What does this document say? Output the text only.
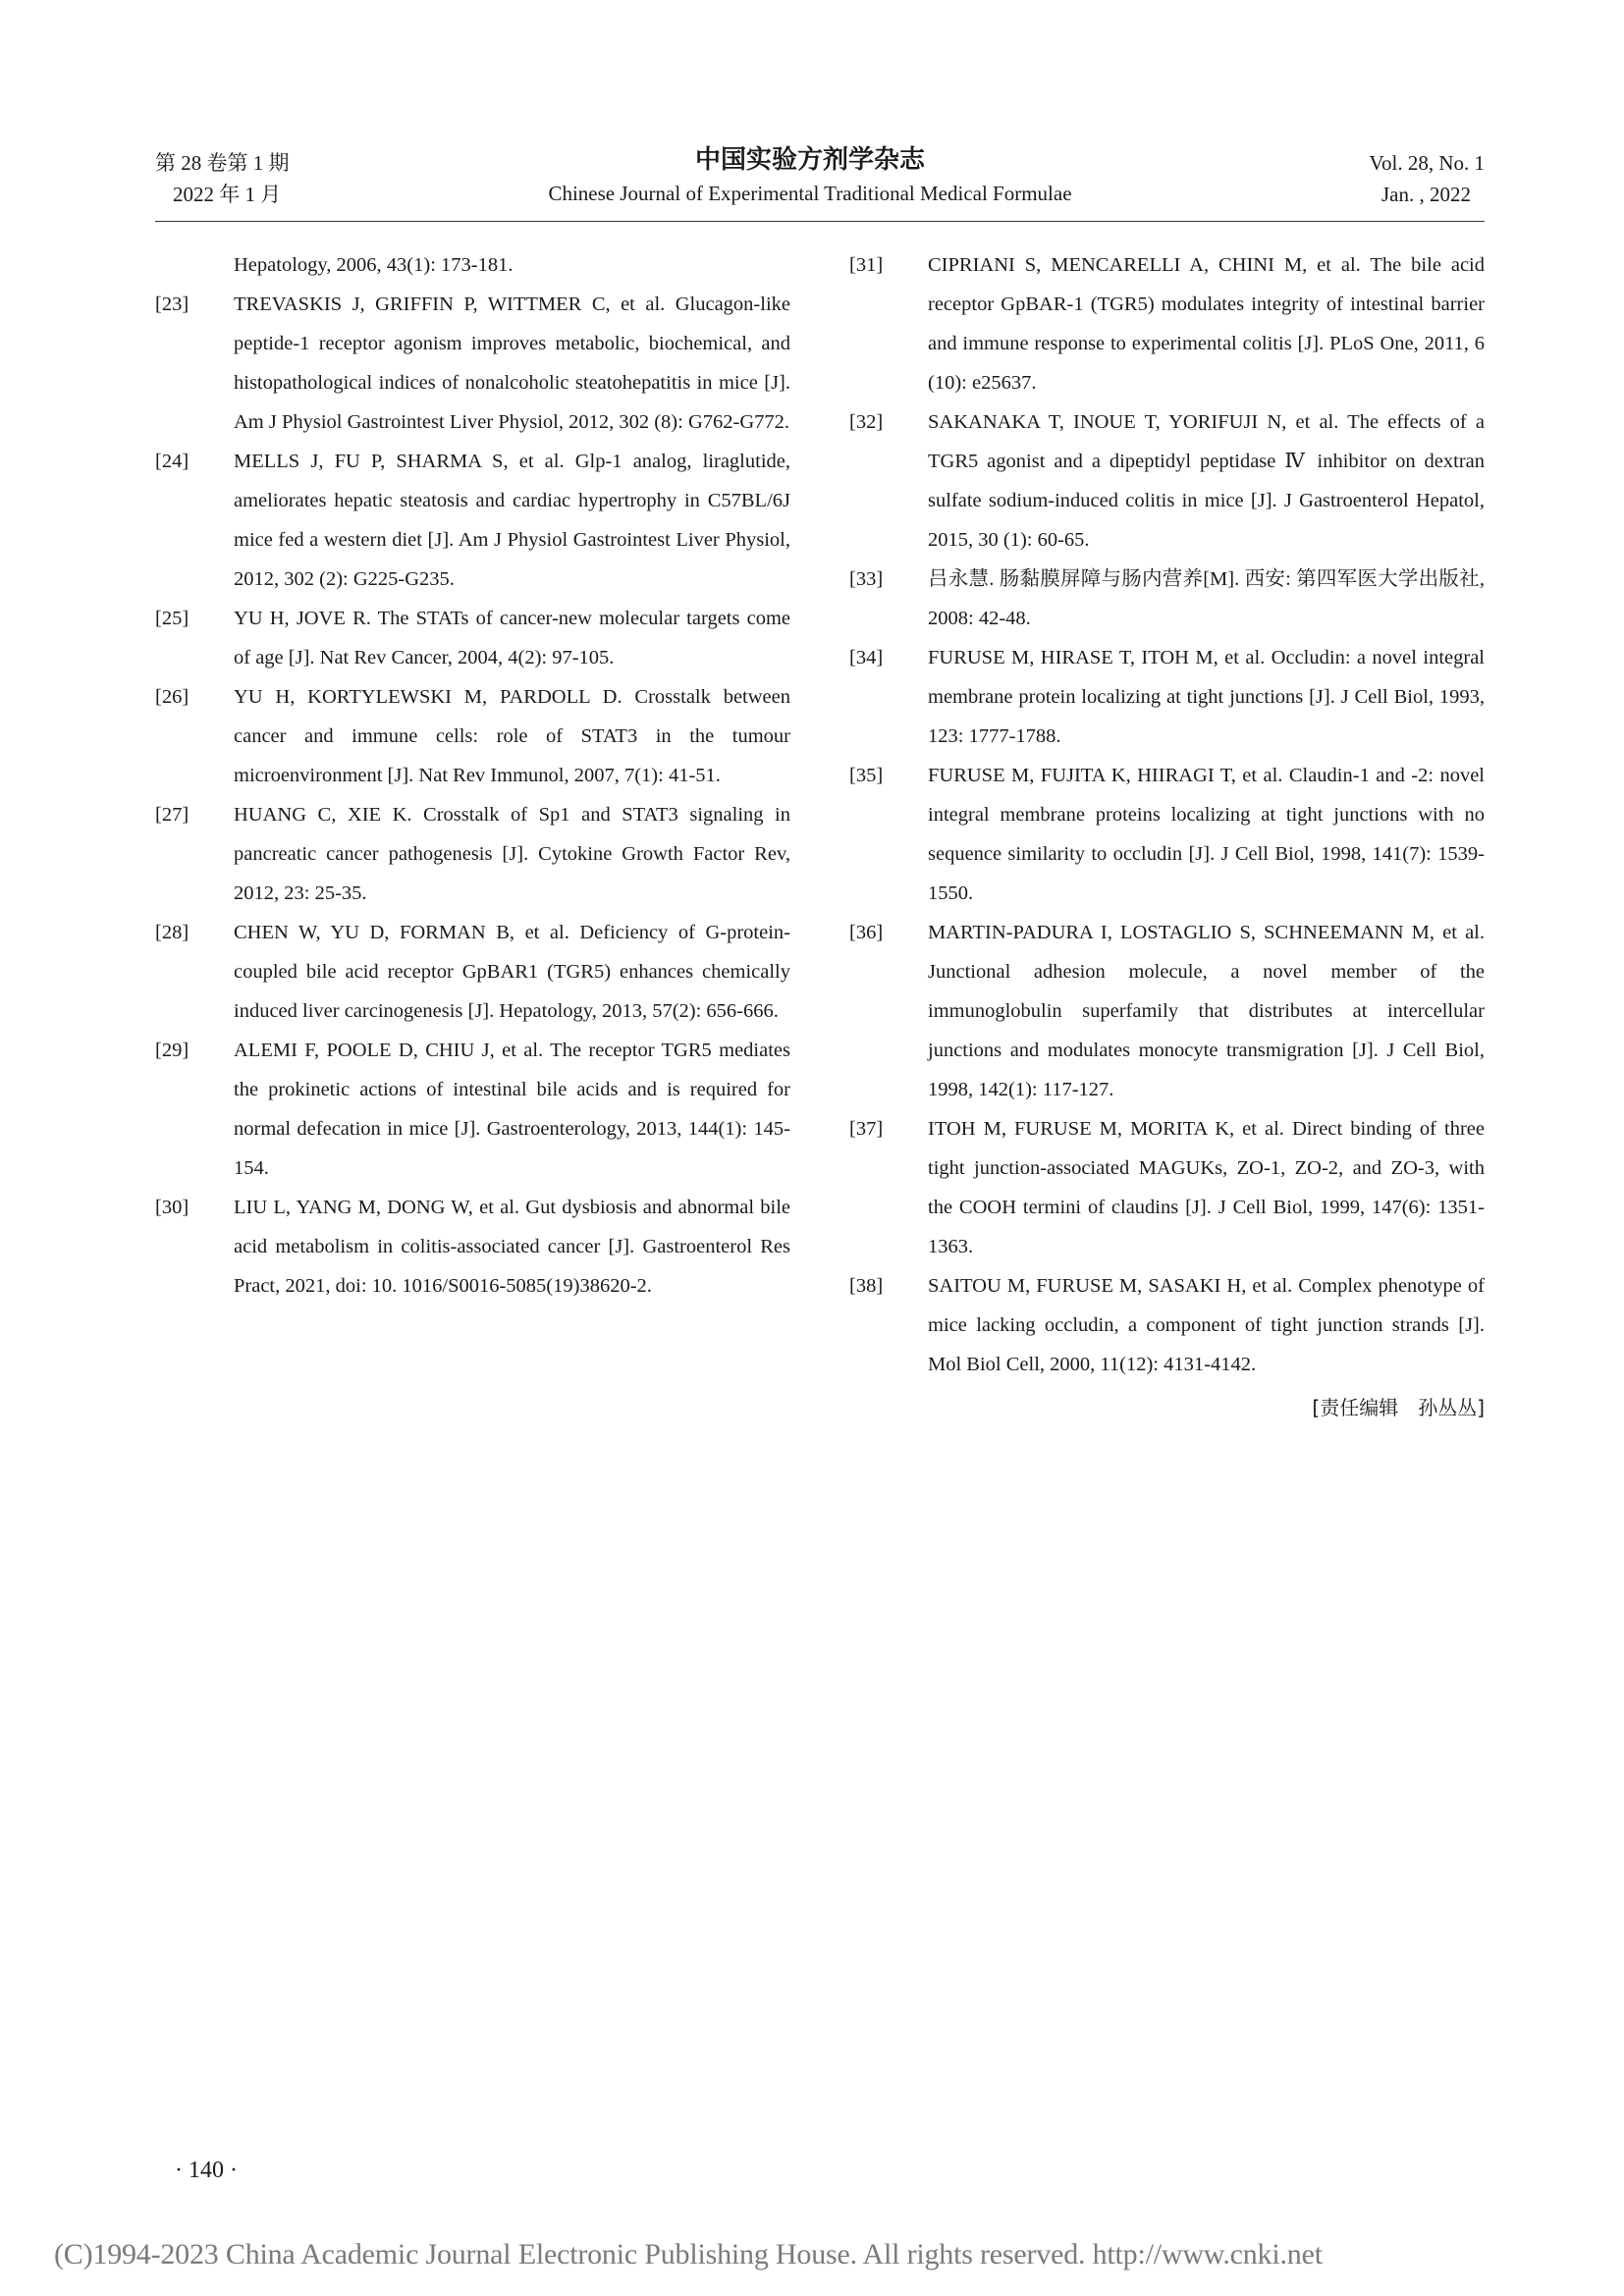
第 28 卷第 1 期
2022 年 1 月
中国实验方剂学杂志
Chinese Journal of Experimental Traditional Medical Formulae
Vol. 28, No. 1
Jan. , 2022
Hepatology, 2006, 43(1): 173-181.
[23]	TREVASKIS J, GRIFFIN P, WITTMER C, et al. Glucagon-like peptide-1 receptor agonism improves metabolic, biochemical, and histopathological indices of nonalcoholic steatohepatitis in mice [J]. Am J Physiol Gastrointest Liver Physiol, 2012, 302 (8): G762-G772.
[24]	MELLS J, FU P, SHARMA S, et al. Glp-1 analog, liraglutide, ameliorates hepatic steatosis and cardiac hypertrophy in C57BL/6J mice fed a western diet [J]. Am J Physiol Gastrointest Liver Physiol, 2012, 302 (2): G225-G235.
[25]	YU H, JOVE R. The STATs of cancer-new molecular targets come of age [J]. Nat Rev Cancer, 2004, 4(2): 97-105.
[26]	YU H, KORTYLEWSKI M, PARDOLL D. Crosstalk between cancer and immune cells: role of STAT3 in the tumour microenvironment [J]. Nat Rev Immunol, 2007, 7(1): 41-51.
[27]	HUANG C, XIE K. Crosstalk of Sp1 and STAT3 signaling in pancreatic cancer pathogenesis [J]. Cytokine Growth Factor Rev, 2012, 23: 25-35.
[28]	CHEN W, YU D, FORMAN B, et al. Deficiency of G-protein-coupled bile acid receptor GpBAR1 (TGR5) enhances chemically induced liver carcinogenesis [J]. Hepatology, 2013, 57(2): 656-666.
[29]	ALEMI F, POOLE D, CHIU J, et al. The receptor TGR5 mediates the prokinetic actions of intestinal bile acids and is required for normal defecation in mice [J]. Gastroenterology, 2013, 144(1): 145-154.
[30]	LIU L, YANG M, DONG W, et al. Gut dysbiosis and abnormal bile acid metabolism in colitis-associated cancer [J]. Gastroenterol Res Pract, 2021, doi: 10. 1016/S0016-5085(19)38620-2.
[31]	CIPRIANI S, MENCARELLI A, CHINI M, et al. The bile acid receptor GpBAR-1 (TGR5) modulates integrity of intestinal barrier and immune response to experimental colitis [J]. PLoS One, 2011, 6 (10): e25637.
[32]	SAKANAKA T, INOUE T, YORIFUJI N, et al. The effects of a TGR5 agonist and a dipeptidyl peptidase Ⅳ inhibitor on dextran sulfate sodium-induced colitis in mice [J]. J Gastroenterol Hepatol, 2015, 30 (1): 60-65.
[33]	吕永慧. 肠黏膜屏障与肠内营养[M]. 西安: 第四军医大学出版社, 2008: 42-48.
[34]	FURUSE M, HIRASE T, ITOH M, et al. Occludin: a novel integral membrane protein localizing at tight junctions [J]. J Cell Biol, 1993, 123: 1777-1788.
[35]	FURUSE M, FUJITA K, HIIRAGI T, et al. Claudin-1 and -2: novel integral membrane proteins localizing at tight junctions with no sequence similarity to occludin [J]. J Cell Biol, 1998, 141(7): 1539-1550.
[36]	MARTIN-PADURA I, LOSTAGLIO S, SCHNEEMANN M, et al. Junctional adhesion molecule, a novel member of the immunoglobulin superfamily that distributes at intercellular junctions and modulates monocyte transmigration [J]. J Cell Biol, 1998, 142(1): 117-127.
[37]	ITOH M, FURUSE M, MORITA K, et al. Direct binding of three tight junction-associated MAGUKs, ZO-1, ZO-2, and ZO-3, with the COOH termini of claudins [J]. J Cell Biol, 1999, 147(6): 1351-1363.
[38]	SAITOU M, FURUSE M, SASAKI H, et al. Complex phenotype of mice lacking occludin, a component of tight junction strands [J]. Mol Biol Cell, 2000, 11(12): 4131-4142.
[责任编辑　孙丛丛]
· 140 ·
(C)1994-2023 China Academic Journal Electronic Publishing House. All rights reserved. http://www.cnki.net
